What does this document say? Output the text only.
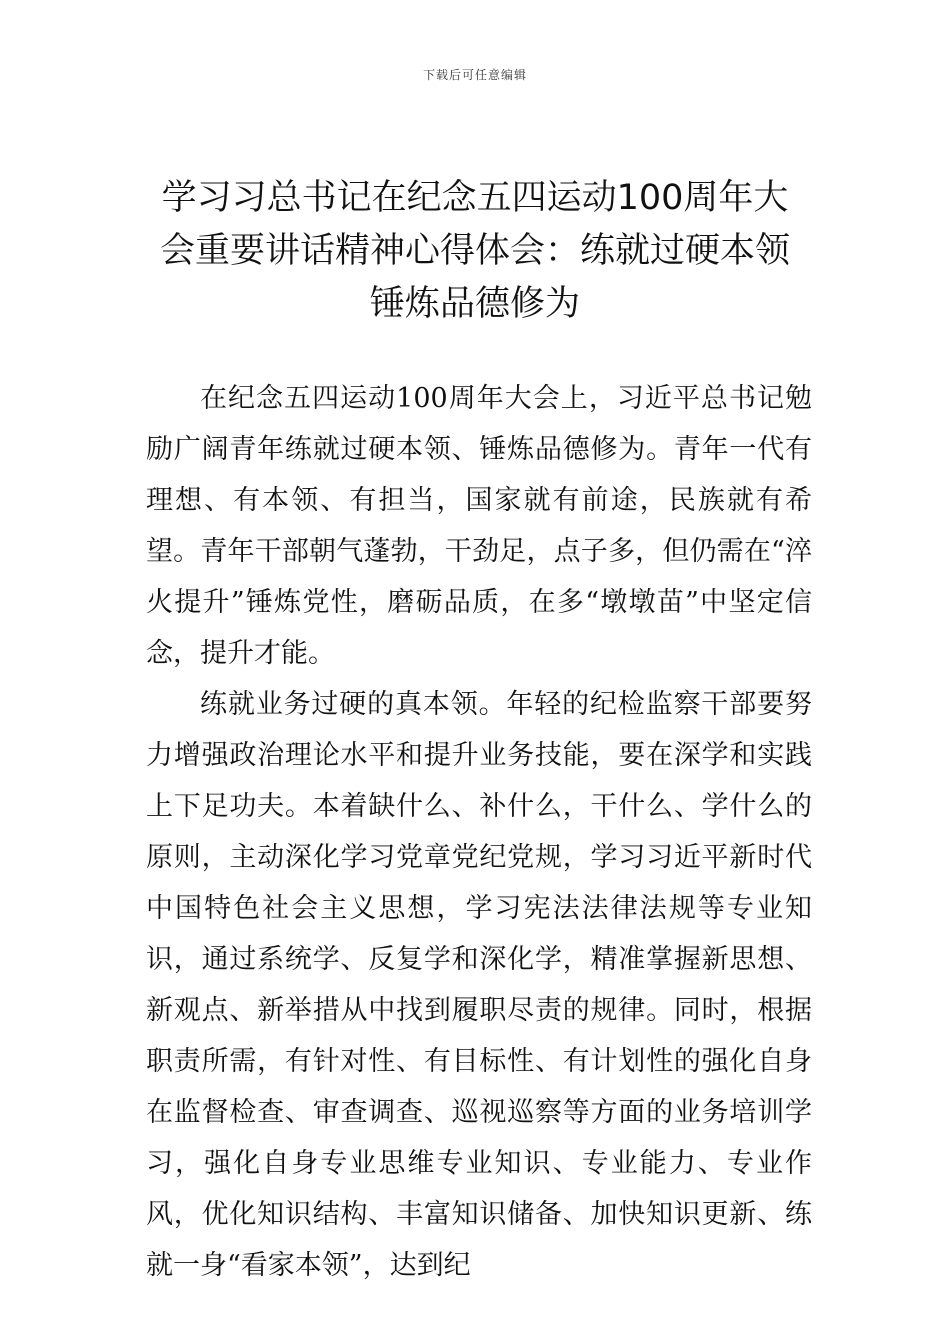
下载后可任意编辑
学习习总书记在纪念五四运动100周年大会重要讲话精神心得体会：练就过硬本领锤炼品德修为

在纪念五四运动100周年大会上，习近平总书记勉励广阔青年练就过硬本领、锤炼品德修为。青年一代有理想、有本领、有担当，国家就有前途，民族就有希望。青年干部朝气蓬勃，干劲足，点子多，但仍需在“淬火提升”锤炼党性，磨砺品质，在多“墩墩苗”中坚定信念，提升才能。

练就业务过硬的真本领。年轻的纪检监察干部要努力增强政治理论水平和提升业务技能，要在深学和实践上下足功夫。本着缺什么、补什么，干什么、学什么的原则，主动深化学习党章党纪党规，学习习近平新时代中国特色社会主义思想，学习宪法法律法规等专业知识，通过系统学、反复学和深化学，精准掌握新思想、新观点、新举措从中找到履职尽责的规律。同时，根据职责所需，有针对性、有目标性、有计划性的强化自身在监督检查、审查调查、巡视巡察等方面的业务培训学习，强化自身专业思维专业知识、专业能力、专业作风，优化知识结构、丰富知识储备、加快知识更新、练就一身“看家本领”，达到纪
